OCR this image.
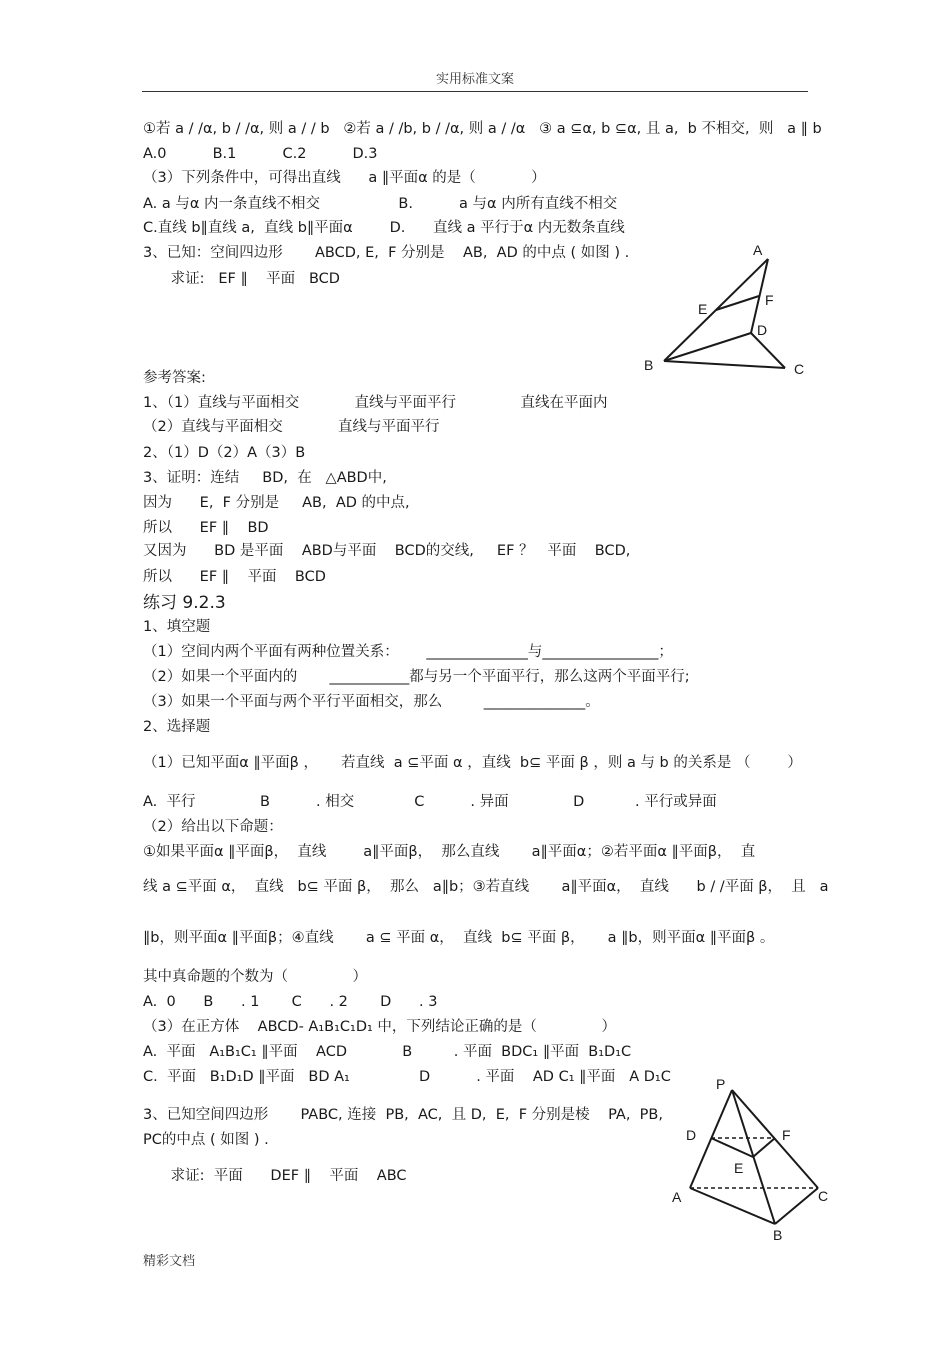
实用标准文案
①若 a / /α, b / /α, 则 a / / b   ②若 a / /b, b / /α, 则 a / /α   ③ a ⊆α, b ⊆α, 且 a,  b 不相交,  则   a ∥ b
A.0          B.1          C.2          D.3
（3）下列条件中，可得出直线      a ∥平面α 的是（            ）
A. a 与α 内一条直线不相交                 B.          a 与α 内所有直线不相交
C.直线 b∥直线 a,  直线 b∥平面α        D.      直线 a 平行于α 内无数条直线
3、已知：空间四边形       ABCD, E,  F 分别是    AB,  AD 的中点 ( 如图 ) .
求证:   EF ∥    平面   BCD
参考答案:
1、（1）直线与平面相交            直线与平面平行              直线在平面内
（2）直线与平面相交            直线与平面平行
2、（1）D（2）A（3）B
3、证明：连结     BD,  在   △ABD中,
因为      E,  F 分别是     AB,  AD 的中点,
所以      EF ∥    BD
又因为      BD 是平面    ABD与平面    BCD的交线,     EF ？   平面    BCD,
所以      EF ∥    平面    BCD
练习 9.2.3
1、填空题
（1）空间内两个平面有两种位置关系：      ______________与________________；
（2）如果一个平面内的       ___________都与另一个平面平行，那么这两个平面平行;
（3）如果一个平面与两个平行平面相交，那么         ______________。
2、选择题
（1）已知平面α ∥平面β ，     若直线  a ⊆平面 α ，直线  b⊆ 平面 β ，则 a 与 b 的关系是 （        ）
A.  平行              B          . 相交             C          . 异面              D           . 平行或异面
（2）给出以下命题：
①如果平面α ∥平面β，  直线        a∥平面β，  那么直线       a∥平面α；②若平面α ∥平面β，  直
线 a ⊆平面 α，  直线   b⊆ 平面 β，  那么   a∥b；③若直线       a∥平面α，  直线      b / /平面 β，  且   a
∥b，则平面α ∥平面β；④直线       a ⊆ 平面 α，  直线  b⊆ 平面 β，     a ∥b，则平面α ∥平面β 。
其中真命题的个数为（              ）
A.  0      B      . 1       C      . 2       D      . 3
（3）在正方体    ABCD- A₁B₁C₁D₁ 中，下列结论正确的是（              ）
A.  平面   A₁B₁C₁ ∥平面    ACD            B         . 平面  BDC₁ ∥平面  B₁D₁C
C.  平面   B₁D₁D ∥平面   BD A₁               D          . 平面    AD C₁ ∥平面   A D₁C
3、已知空间四边形       PABC, 连接  PB,  AC,  且 D,  E,  F 分别是棱    PA,  PB,
PC的中点 ( 如图 ) .
求证:  平面      DEF ∥    平面    ABC
A
E
F
D
B	C
P
D	F
E
A	C
B
精彩文档
